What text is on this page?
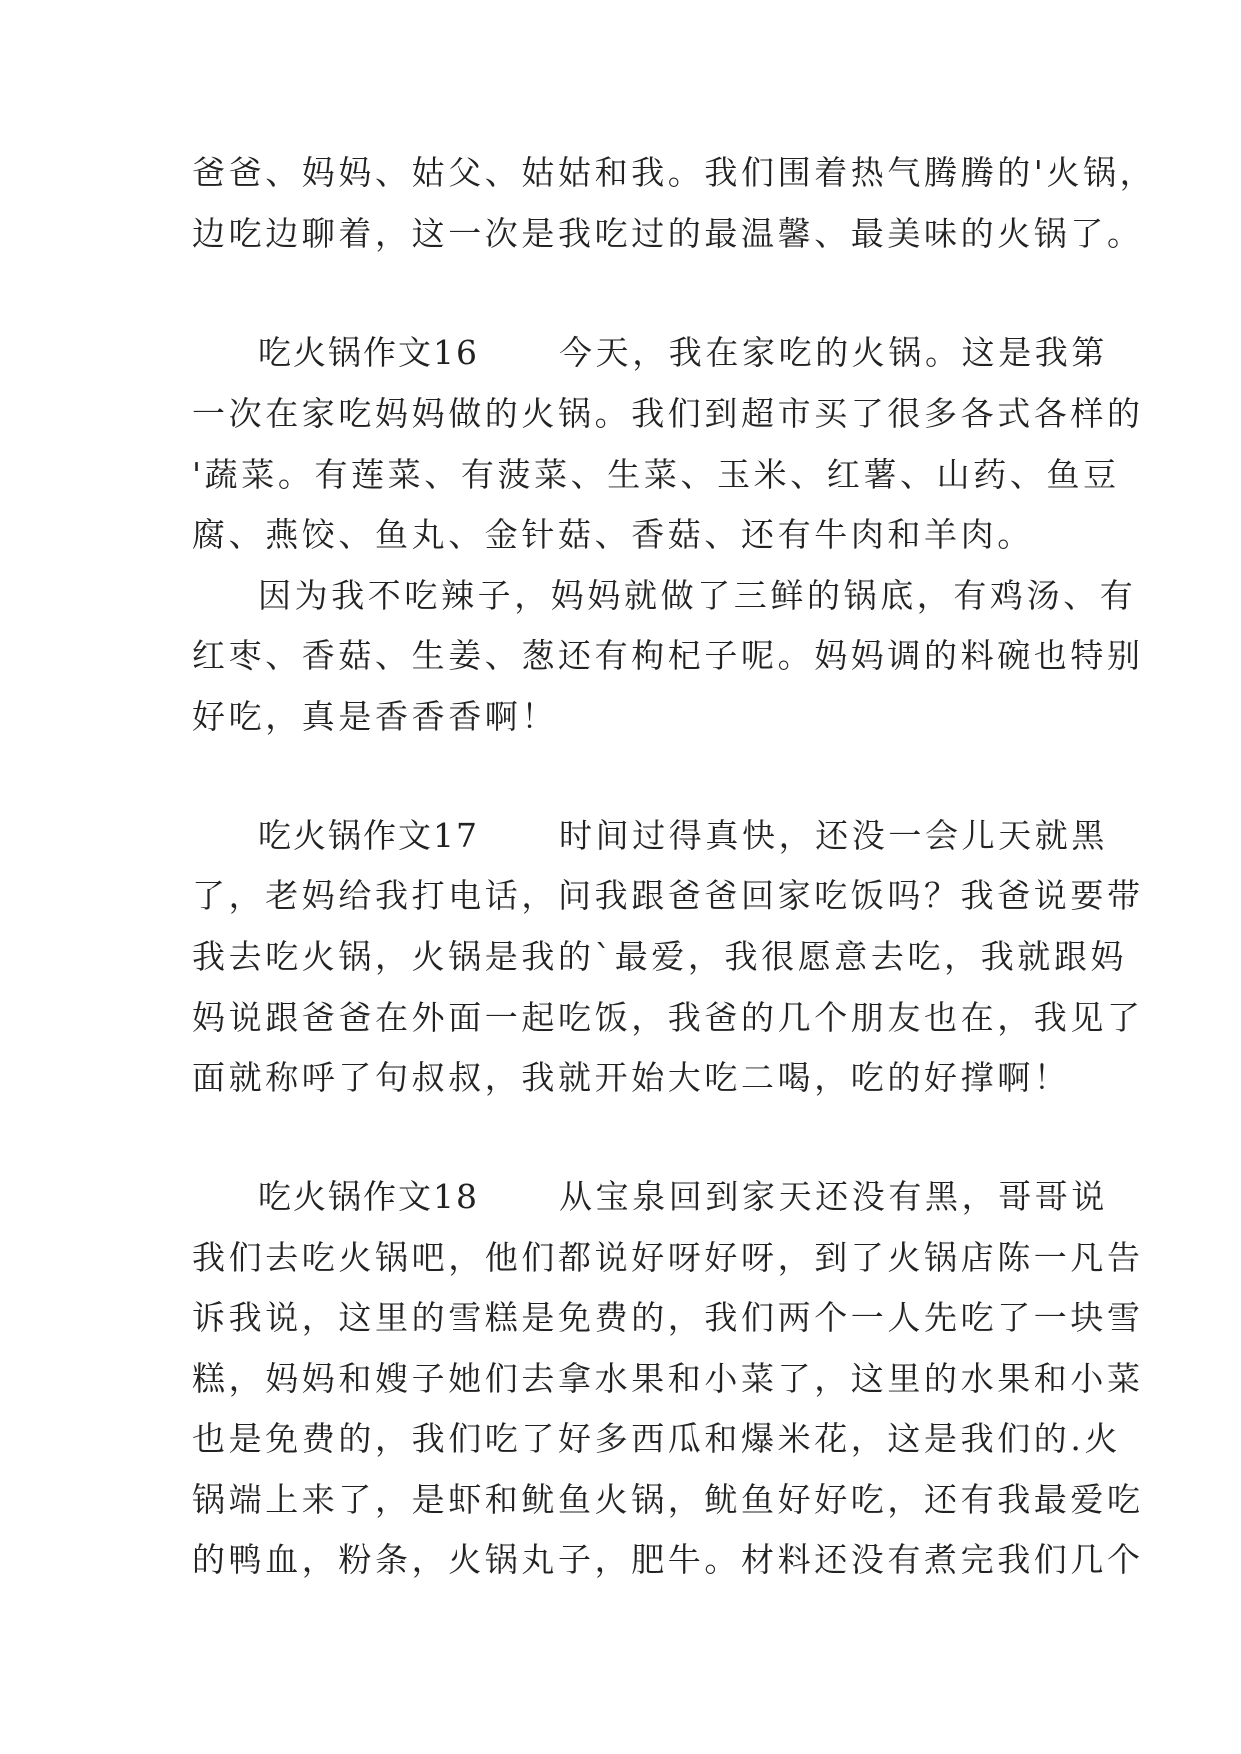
爸爸、妈妈、姑父、姑姑和我。我们围着热气腾腾的'火锅，
边吃边聊着，这一次是我吃过的最温馨、最美味的火锅了。
吃火锅作文16 今天，我在家吃的火锅。这是我第
一次在家吃妈妈做的火锅。我们到超市买了很多各式各样的
'蔬菜。有莲菜、有菠菜、生菜、玉米、红薯、山药、鱼豆
腐、燕饺、鱼丸、金针菇、香菇、还有牛肉和羊肉。
因为我不吃辣子，妈妈就做了三鲜的锅底，有鸡汤、有
红枣、香菇、生姜、葱还有枸杞子呢。妈妈调的料碗也特别
好吃，真是香香香啊！
吃火锅作文17 时间过得真快，还没一会儿天就黑
了，老妈给我打电话，问我跟爸爸回家吃饭吗？我爸说要带
我去吃火锅，火锅是我的`最爱，我很愿意去吃，我就跟妈
妈说跟爸爸在外面一起吃饭，我爸的几个朋友也在，我见了
面就称呼了句叔叔，我就开始大吃二喝，吃的好撑啊！
吃火锅作文18 从宝泉回到家天还没有黑，哥哥说
我们去吃火锅吧，他们都说好呀好呀，到了火锅店陈一凡告
诉我说，这里的雪糕是免费的，我们两个一人先吃了一块雪
糕，妈妈和嫂子她们去拿水果和小菜了，这里的水果和小菜
也是免费的，我们吃了好多西瓜和爆米花，这是我们的.火
锅端上来了，是虾和鱿鱼火锅，鱿鱼好好吃，还有我最爱吃
的鸭血，粉条，火锅丸子，肥牛。材料还没有煮完我们几个
